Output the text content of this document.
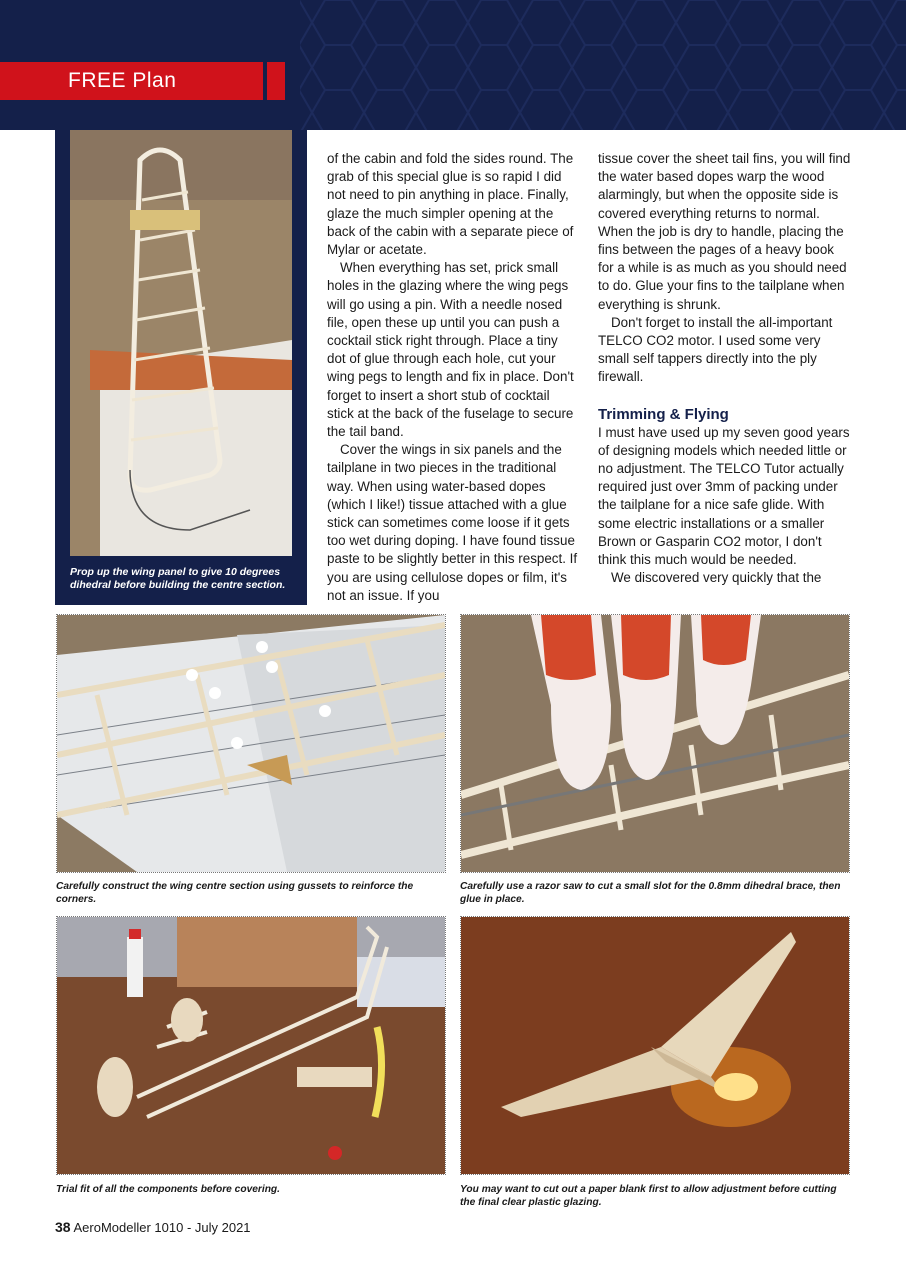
FREE Plan
Prop up the wing panel to give 10 degrees dihedral before building the centre section.

of the cabin and fold the sides round. The grab of this special glue is so rapid I did not need to pin anything in place. Finally, glaze the much simpler opening at the back of the cabin with a separate piece of Mylar or acetate.

When everything has set, prick small holes in the glazing where the wing pegs will go using a pin. With a needle nosed file, open these up until you can push a cocktail stick right through. Place a tiny dot of glue through each hole, cut your wing pegs to length and fix in place. Don't forget to insert a short stub of cocktail stick at the back of the fuselage to secure the tail band.

Cover the wings in six panels and the tailplane in two pieces in the traditional way. When using water-based dopes (which I like!) tissue attached with a glue stick can sometimes come loose if it gets too wet during doping. I have found tissue paste to be slightly better in this respect. If you are using cellulose dopes or film, it's not an issue. If you

tissue cover the sheet tail fins, you will find the water based dopes warp the wood alarmingly, but when the opposite side is covered everything returns to normal. When the job is dry to handle, placing the fins between the pages of a heavy book for a while is as much as you should need to do. Glue your fins to the tailplane when everything is shrunk.

Don't forget to install the all-important TELCO CO2 motor. I used some very small self tappers directly into the ply firewall.

Trimming & Flying

I must have used up my seven good years of designing models which needed little or no adjustment. The TELCO Tutor actually required just over 3mm of packing under the tailplane for a nice safe glide. With some electric installations or a smaller Brown or Gasparin CO2 motor, I don't think this much would be needed.

We discovered very quickly that the

Carefully construct the wing centre section using gussets to reinforce the corners.
Carefully use a razor saw to cut a small slot for the 0.8mm dihedral brace, then glue in place.
Trial fit of all the components before covering.	You may want to cut out a paper blank first to allow adjustment before cutting the final clear plastic glazing.
38 AeroModeller 1010 - July 2021
